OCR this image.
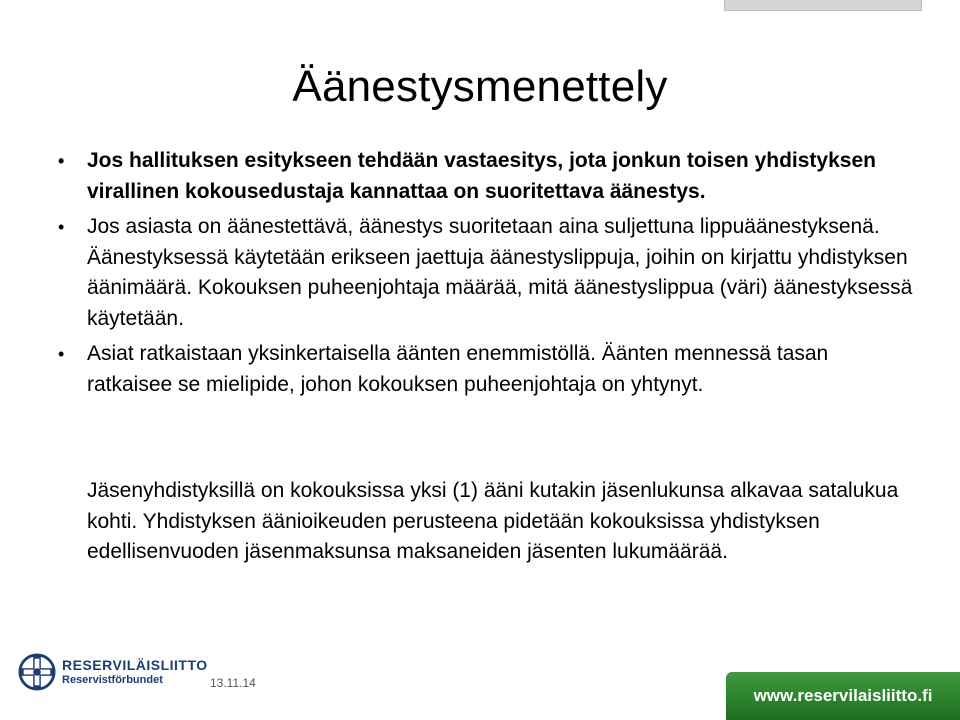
Äänestysmenettely
• Jos hallituksen esitykseen tehdään vastaesitys, jota jonkun toisen yhdistyksen virallinen kokousedustaja kannattaa on suoritettava äänestys.
• Jos asiasta on äänestettävä, äänestys suoritetaan aina suljettuna lippuäänestyksenä. Äänestyksessä käytetään erikseen jaettuja äänestyslippuja, joihin on kirjattu yhdistyksen äänimäärä. Kokouksen puheenjohtaja määrää, mitä äänestyslippua (väri) äänestyksessä käytetään.
• Asiat ratkaistaan yksinkertaisella äänten enemmistöllä. Äänten mennessä tasan ratkaisee se mielipide, johon kokouksen puheenjohtaja on yhtynyt.

Jäsenyhdistyksillä on kokouksissa yksi (1) ääni kutakin jäsenlukunsa alkavaa satalukua kohti. Yhdistyksen äänioikeuden perusteena pidetään kokouksissa yhdistyksen edellisenvuoden jäsenmaksunsa maksaneiden jäsenten lukumäärää.

RESERVILÄISLIITTO
Reservistförbundet	13.11.14
www.reservilaisliitto.fi
